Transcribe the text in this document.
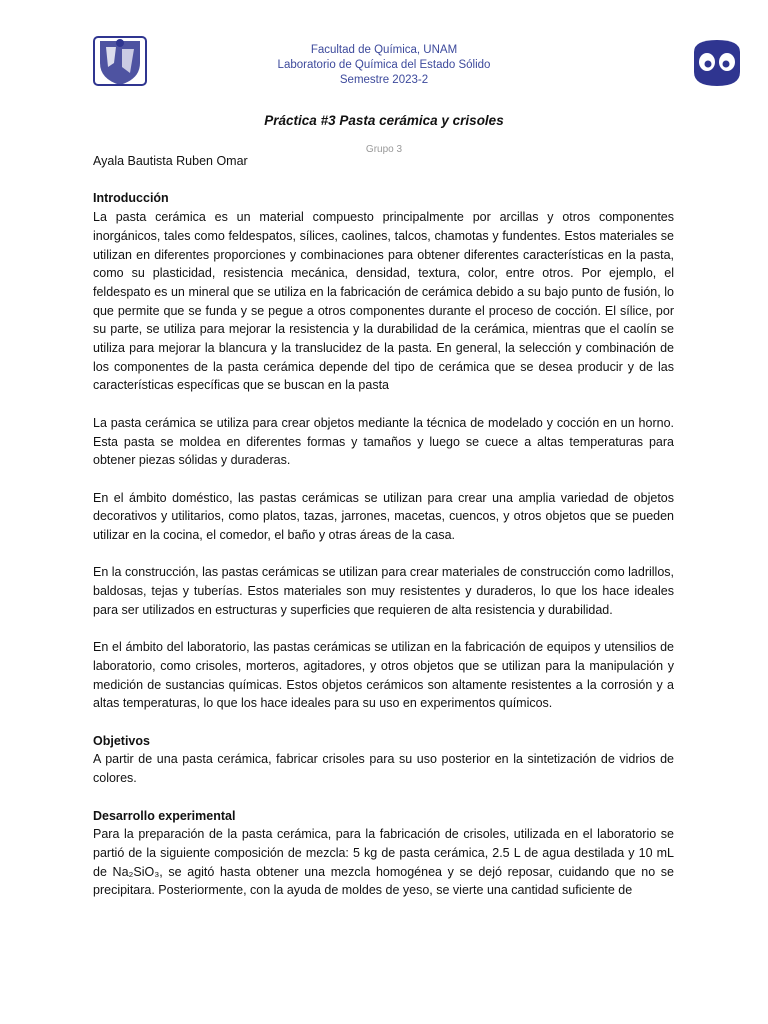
Facultad de Química, UNAM
Laboratorio de Química del Estado Sólido
Semestre 2023-2
Práctica #3 Pasta cerámica y crisoles
Grupo 3
Ayala Bautista Ruben Omar
Introducción

La pasta cerámica es un material compuesto principalmente por arcillas y otros componentes inorgánicos, tales como feldespatos, sílices, caolines, talcos, chamotas y fundentes. Estos materiales se utilizan en diferentes proporciones y combinaciones para obtener diferentes características en la pasta, como su plasticidad, resistencia mecánica, densidad, textura, color, entre otros. Por ejemplo, el feldespato es un mineral que se utiliza en la fabricación de cerámica debido a su bajo punto de fusión, lo que permite que se funda y se pegue a otros componentes durante el proceso de cocción. El sílice, por su parte, se utiliza para mejorar la resistencia y la durabilidad de la cerámica, mientras que el caolín se utiliza para mejorar la blancura y la translucidez de la pasta. En general, la selección y combinación de los componentes de la pasta cerámica depende del tipo de cerámica que se desea producir y de las características específicas que se buscan en la pasta

La pasta cerámica se utiliza para crear objetos mediante la técnica de modelado y cocción en un horno. Esta pasta se moldea en diferentes formas y tamaños y luego se cuece a altas temperaturas para obtener piezas sólidas y duraderas.

En el ámbito doméstico, las pastas cerámicas se utilizan para crear una amplia variedad de objetos decorativos y utilitarios, como platos, tazas, jarrones, macetas, cuencos, y otros objetos que se pueden utilizar en la cocina, el comedor, el baño y otras áreas de la casa.

En la construcción, las pastas cerámicas se utilizan para crear materiales de construcción como ladrillos, baldosas, tejas y tuberías. Estos materiales son muy resistentes y duraderos, lo que los hace ideales para ser utilizados en estructuras y superficies que requieren de alta resistencia y durabilidad.

En el ámbito del laboratorio, las pastas cerámicas se utilizan en la fabricación de equipos y utensilios de laboratorio, como crisoles, morteros, agitadores, y otros objetos que se utilizan para la manipulación y medición de sustancias químicas. Estos objetos cerámicos son altamente resistentes a la corrosión y a altas temperaturas, lo que los hace ideales para su uso en experimentos químicos.

Objetivos

A partir de una pasta cerámica, fabricar crisoles para su uso posterior en la sintetización de vidrios de colores.

Desarrollo experimental

Para la preparación de la pasta cerámica, para la fabricación de crisoles, utilizada en el laboratorio se partió de la siguiente composición de mezcla: 5 kg de pasta cerámica, 2.5 L de agua destilada y 10 mL de Na₂SiO₃, se agitó hasta obtener una mezcla homogénea y se dejó reposar, cuidando que no se precipitara. Posteriormente, con la ayuda de moldes de yeso, se vierte una cantidad suficiente de
